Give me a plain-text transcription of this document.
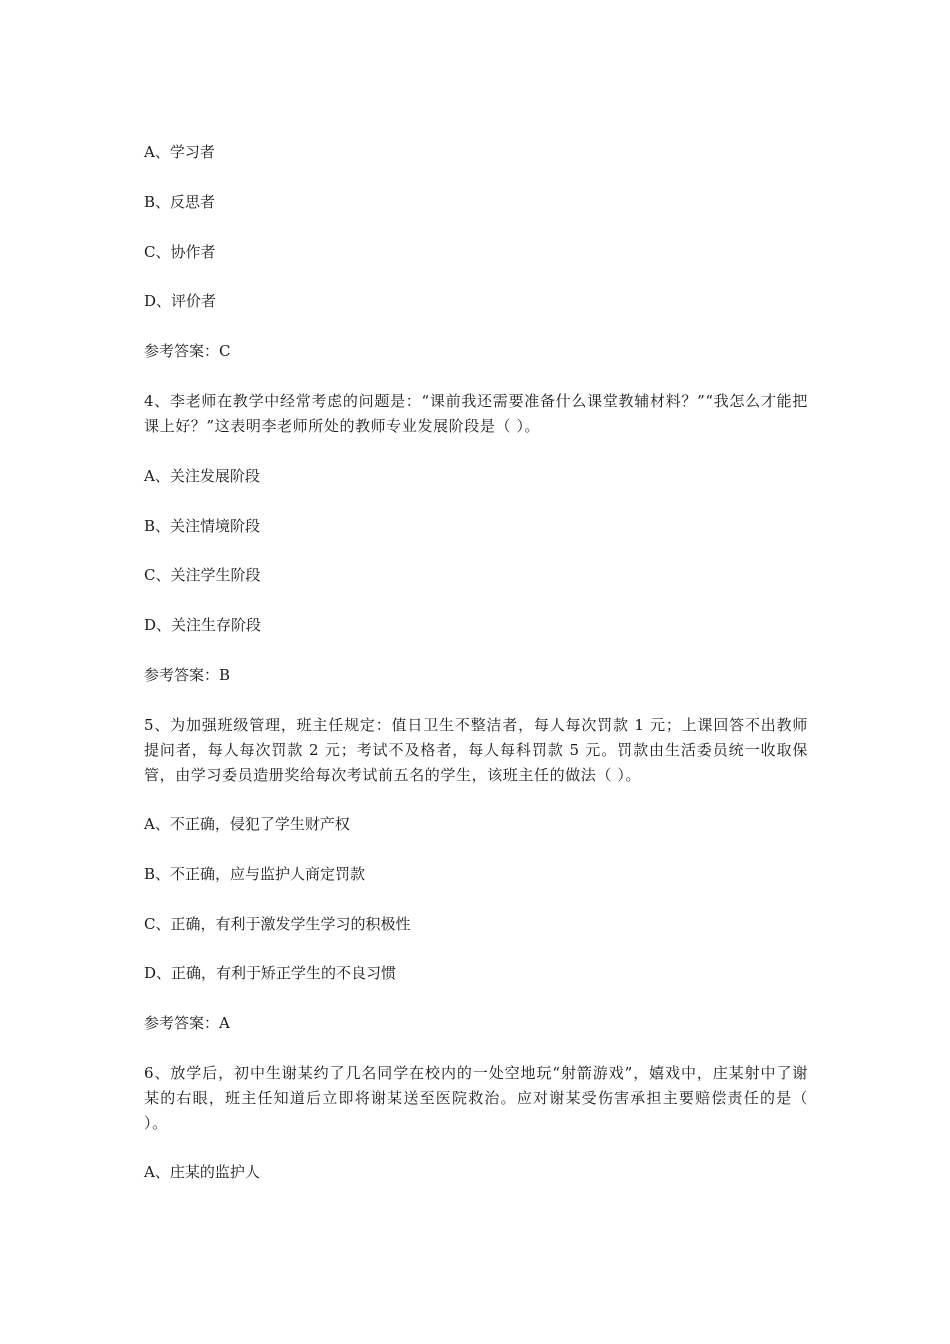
A、学习者
B、反思者
C、协作者
D、评价者
参考答案：C
4、李老师在教学中经常考虑的问题是：“课前我还需要准备什么课堂教辅材料？”“我怎么才能把课上好？”这表明李老师所处的教师专业发展阶段是（ ）。
A、关注发展阶段
B、关注情境阶段
C、关注学生阶段
D、关注生存阶段
参考答案：B
5、为加强班级管理，班主任规定：值日卫生不整洁者，每人每次罚款 1 元；上课回答不出教师提问者，每人每次罚款 2 元；考试不及格者，每人每科罚款 5 元。罚款由生活委员统一收取保管，由学习委员造册奖给每次考试前五名的学生，该班主任的做法（ ）。
A、不正确，侵犯了学生财产权
B、不正确，应与监护人商定罚款
C、正确，有利于激发学生学习的积极性
D、正确，有利于矫正学生的不良习惯
参考答案：A
6、放学后，初中生谢某约了几名同学在校内的一处空地玩“射箭游戏”，嬉戏中，庄某射中了谢某的右眼，班主任知道后立即将谢某送至医院救治。应对谢某受伤害承担主要赔偿责任的是（ ）。
A、庄某的监护人
